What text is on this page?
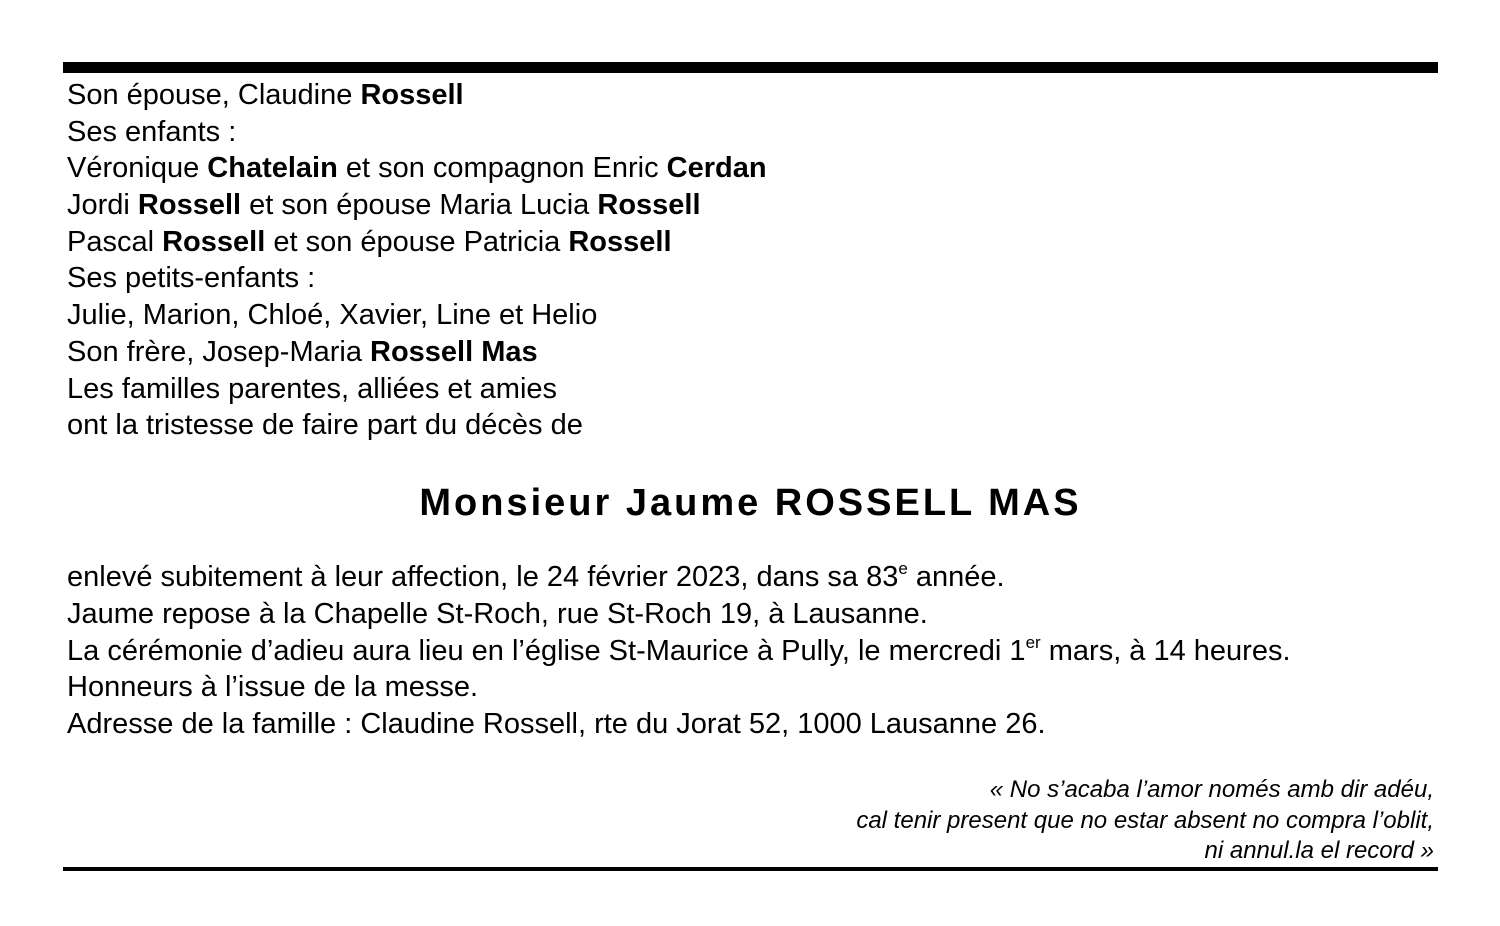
Son épouse, Claudine Rossell
Ses enfants :
Véronique Chatelain et son compagnon Enric Cerdan
Jordi Rossell et son épouse Maria Lucia Rossell
Pascal Rossell et son épouse Patricia Rossell
Ses petits-enfants :
Julie, Marion, Chloé, Xavier, Line et Helio
Son frère, Josep-Maria Rossell Mas
Les familles parentes, alliées et amies
ont la tristesse de faire part du décès de
Monsieur Jaume ROSSELL MAS
enlevé subitement à leur affection, le 24 février 2023, dans sa 83e année.
Jaume repose à la Chapelle St-Roch, rue St-Roch 19, à Lausanne.
La cérémonie d’adieu aura lieu en l’église St-Maurice à Pully, le mercredi 1er mars, à 14 heures.
Honneurs à l’issue de la messe.
Adresse de la famille : Claudine Rossell, rte du Jorat 52, 1000 Lausanne 26.
« No s’acaba l’amor només amb dir adéu,
cal tenir present que no estar absent no compra l’oblit,
ni annul.la el record »
